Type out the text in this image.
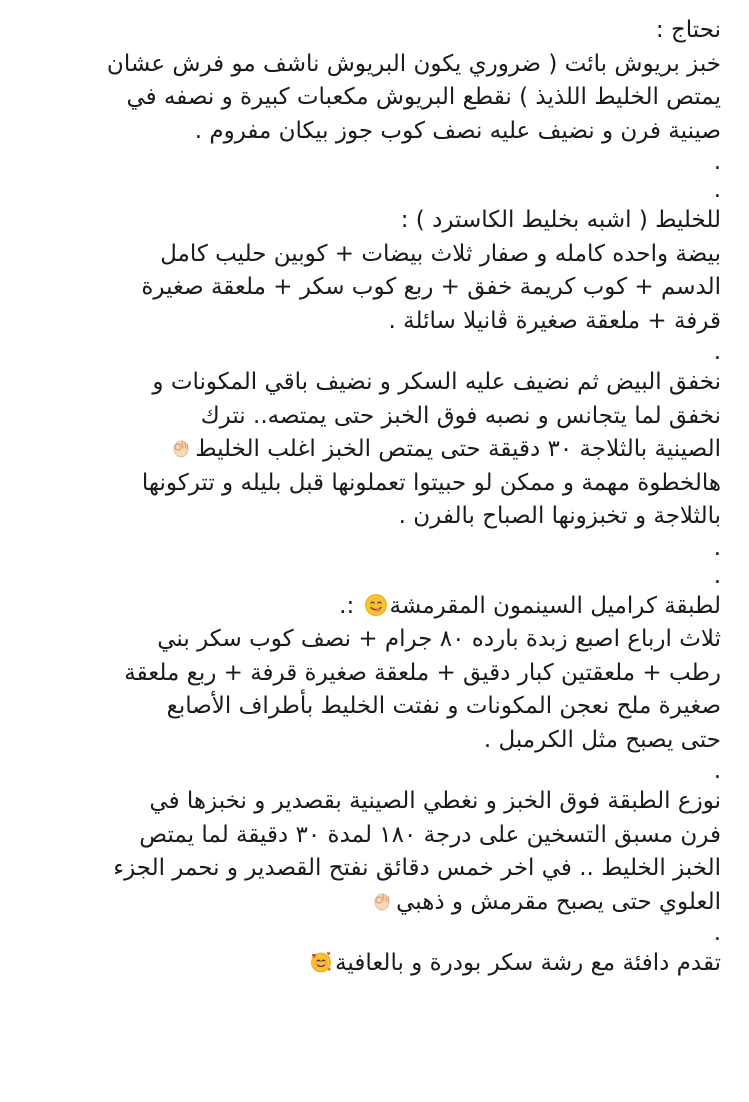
نحتاج :
خبز بريوش بائت ( ضروري يكون البريوش ناشف مو فرش عشان
يمتص الخليط اللذيذ ) نقطع البريوش مكعبات كبيرة و نصفه في
صينية فرن و نضيف عليه نصف كوب جوز بيكان مفروم .
.
.
للخليط ( اشبه بخليط الكاسترد ) :
بيضة واحده كامله و صفار ثلاث بيضات + كوبين حليب كامل
الدسم + كوب كريمة خفق + ربع كوب سكر + ملعقة صغيرة
قرفة + ملعقة صغيرة ڤانيلا سائلة .
.
نخفق البيض ثم نضيف عليه السكر و نضيف باقي المكونات و
نخفق لما يتجانس و نصبه فوق الخبز حتى يمتصه.. نترك
الصينية بالثلاجة ٣٠ دقيقة حتى يمتص الخبز اغلب الخليط
هالخطوة مهمة و ممكن لو حبيتوا تعملونها قبل بليله و تتركونها
بالثلاجة و تخبزونها الصباح بالفرن .
.
.
لطبقة كراميل السينمون المقرمشة
:.
ثلاث ارباع اصبع زبدة بارده ٨٠ جرام + نصف كوب سكر بني
رطب + ملعقتين كبار دقيق + ملعقة صغيرة قرفة + ربع ملعقة
صغيرة ملح نعجن المكونات و نفتت الخليط بأطراف الأصابع
حتى يصبح مثل الكرمبل .
.
نوزع الطبقة فوق الخبز و نغطي الصينية بقصدير و نخبزها في
فرن مسبق التسخين على درجة ١٨٠ لمدة ٣٠ دقيقة لما يمتص
الخبز الخليط .. في اخر خمس دقائق نفتح القصدير و نحمر الجزء
العلوي حتى يصبح مقرمش و ذهبي
.
تقدم دافئة مع رشة سكر بودرة و بالعافية
